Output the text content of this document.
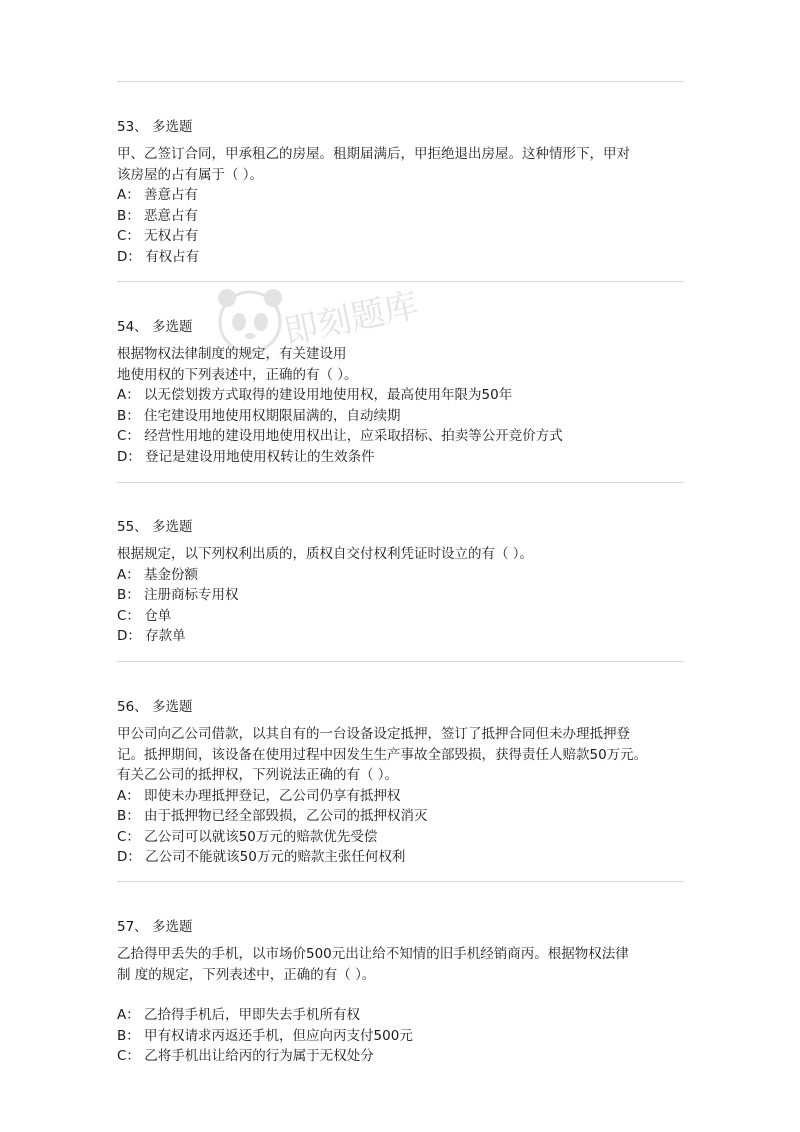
53、 多选题
甲、乙签订合同，甲承租乙的房屋。租期届满后，甲拒绝退出房屋。这种情形下，甲对
该房屋的占有属于（ ）。
A： 善意占有
B： 恶意占有
C： 无权占有
D： 有权占有
54、 多选题
根据物权法律制度的规定，有关建设用
地使用权的下列表述中，正确的有（ ）。
A： 以无偿划拨方式取得的建设用地使用权，最高使用年限为50年
B： 住宅建设用地使用权期限届满的，自动续期
C： 经营性用地的建设用地使用权出让，应采取招标、拍卖等公开竞价方式
D： 登记是建设用地使用权转让的生效条件
55、 多选题
根据规定，以下列权利出质的，质权自交付权利凭证时设立的有（ ）。
A： 基金份额
B： 注册商标专用权
C： 仓单
D： 存款单
56、 多选题
甲公司向乙公司借款，以其自有的一台设备设定抵押，签订了抵押合同但未办理抵押登
记。抵押期间，该设备在使用过程中因发生生产事故全部毁损，获得责任人赔款50万元。
有关乙公司的抵押权，下列说法正确的有（ ）。
A： 即使未办理抵押登记，乙公司仍享有抵押权
B： 由于抵押物已经全部毁损，乙公司的抵押权消灭
C： 乙公司可以就该50万元的赔款优先受偿
D： 乙公司不能就该50万元的赔款主张任何权利
57、 多选题
乙拾得甲丢失的手机，以市场价500元出让给不知情的旧手机经销商丙。根据物权法律
制 度的规定，下列表述中，正确的有（ ）。
A： 乙拾得手机后，甲即失去手机所有权
B： 甲有权请求丙返还手机，但应向丙支付500元
C： 乙将手机出让给丙的行为属于无权处分
即刻题库
